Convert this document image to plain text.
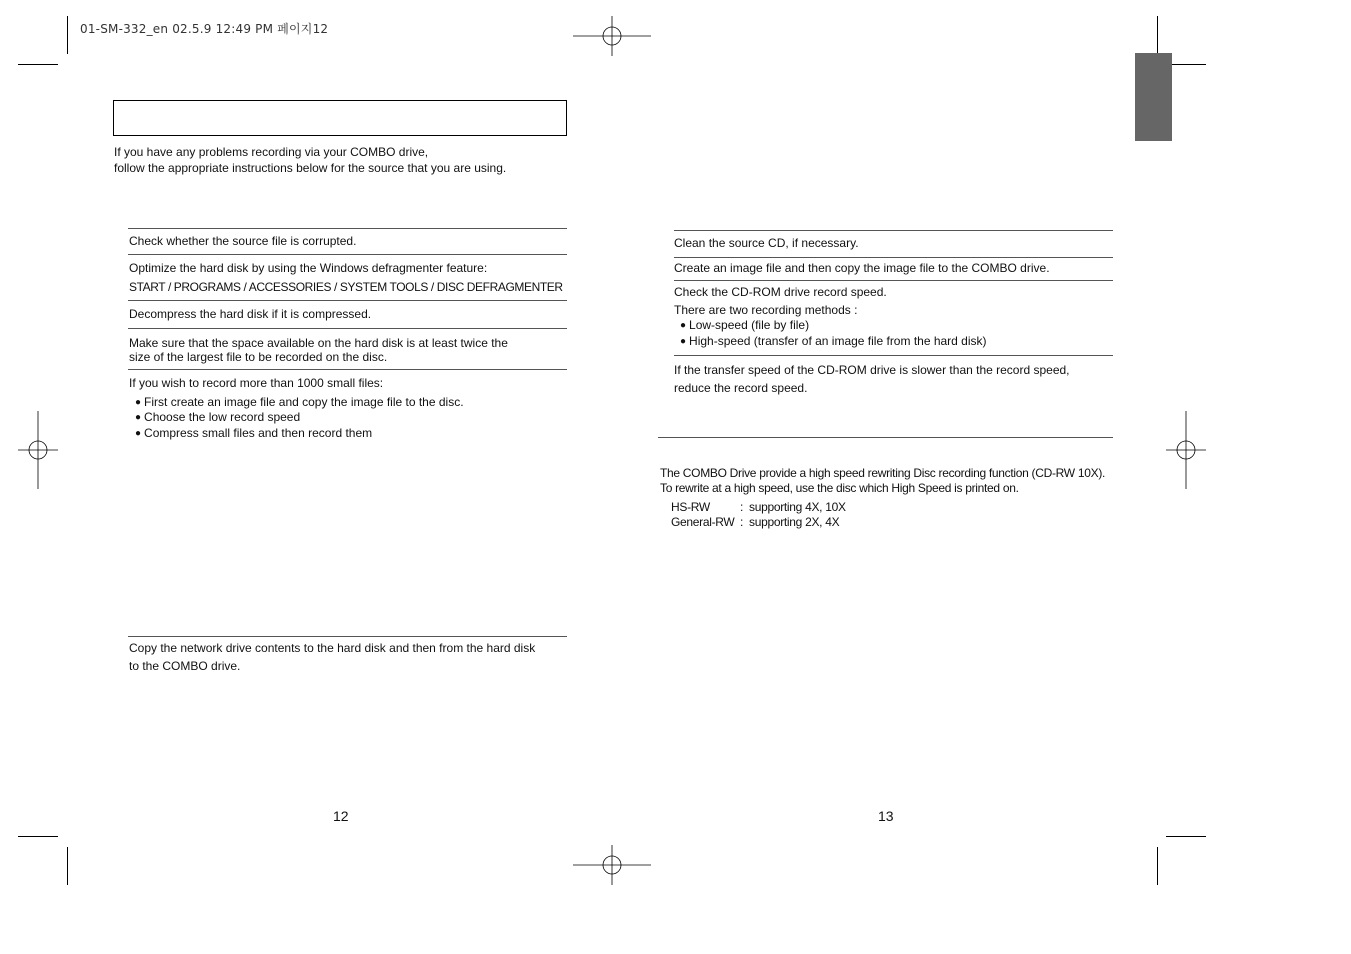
01-SM-332_en 02.5.9 12:49 PM 페이지12
If you have any problems recording via your COMBO drive,
follow the appropriate instructions below for the source that you are using.
Check whether the source file is corrupted.
Optimize the hard disk by using the Windows defragmenter feature:
START / PROGRAMS / ACCESSORIES / SYSTEM TOOLS / DISC DEFRAGMENTER
Decompress the hard disk if it is compressed.
Make sure that the space available on the hard disk is at least twice the
size of the largest file to be recorded on the disc.
If you wish to record more than 1000 small files:
● First create an image file and copy the image file to the disc.
● Choose the low record speed
● Compress small files and then record them
Copy the network drive contents to the hard disk and then from the hard disk
to the COMBO drive.
12
Clean the source CD, if necessary.
Create an image file and then copy the image file to the COMBO drive.
Check the CD-ROM drive record speed.
There are two recording methods :
● Low-speed (file by file)
● High-speed (transfer of an image file from the hard disk)
If the transfer speed of the CD-ROM drive is slower than the record speed,
reduce the record speed.
The COMBO Drive provide a high speed rewriting Disc recording function (CD-RW 10X).
To rewrite at a high speed, use the disc which High Speed is printed on.
HS-RW	: supporting 4X, 10X
General-RW : supporting 2X, 4X
13
